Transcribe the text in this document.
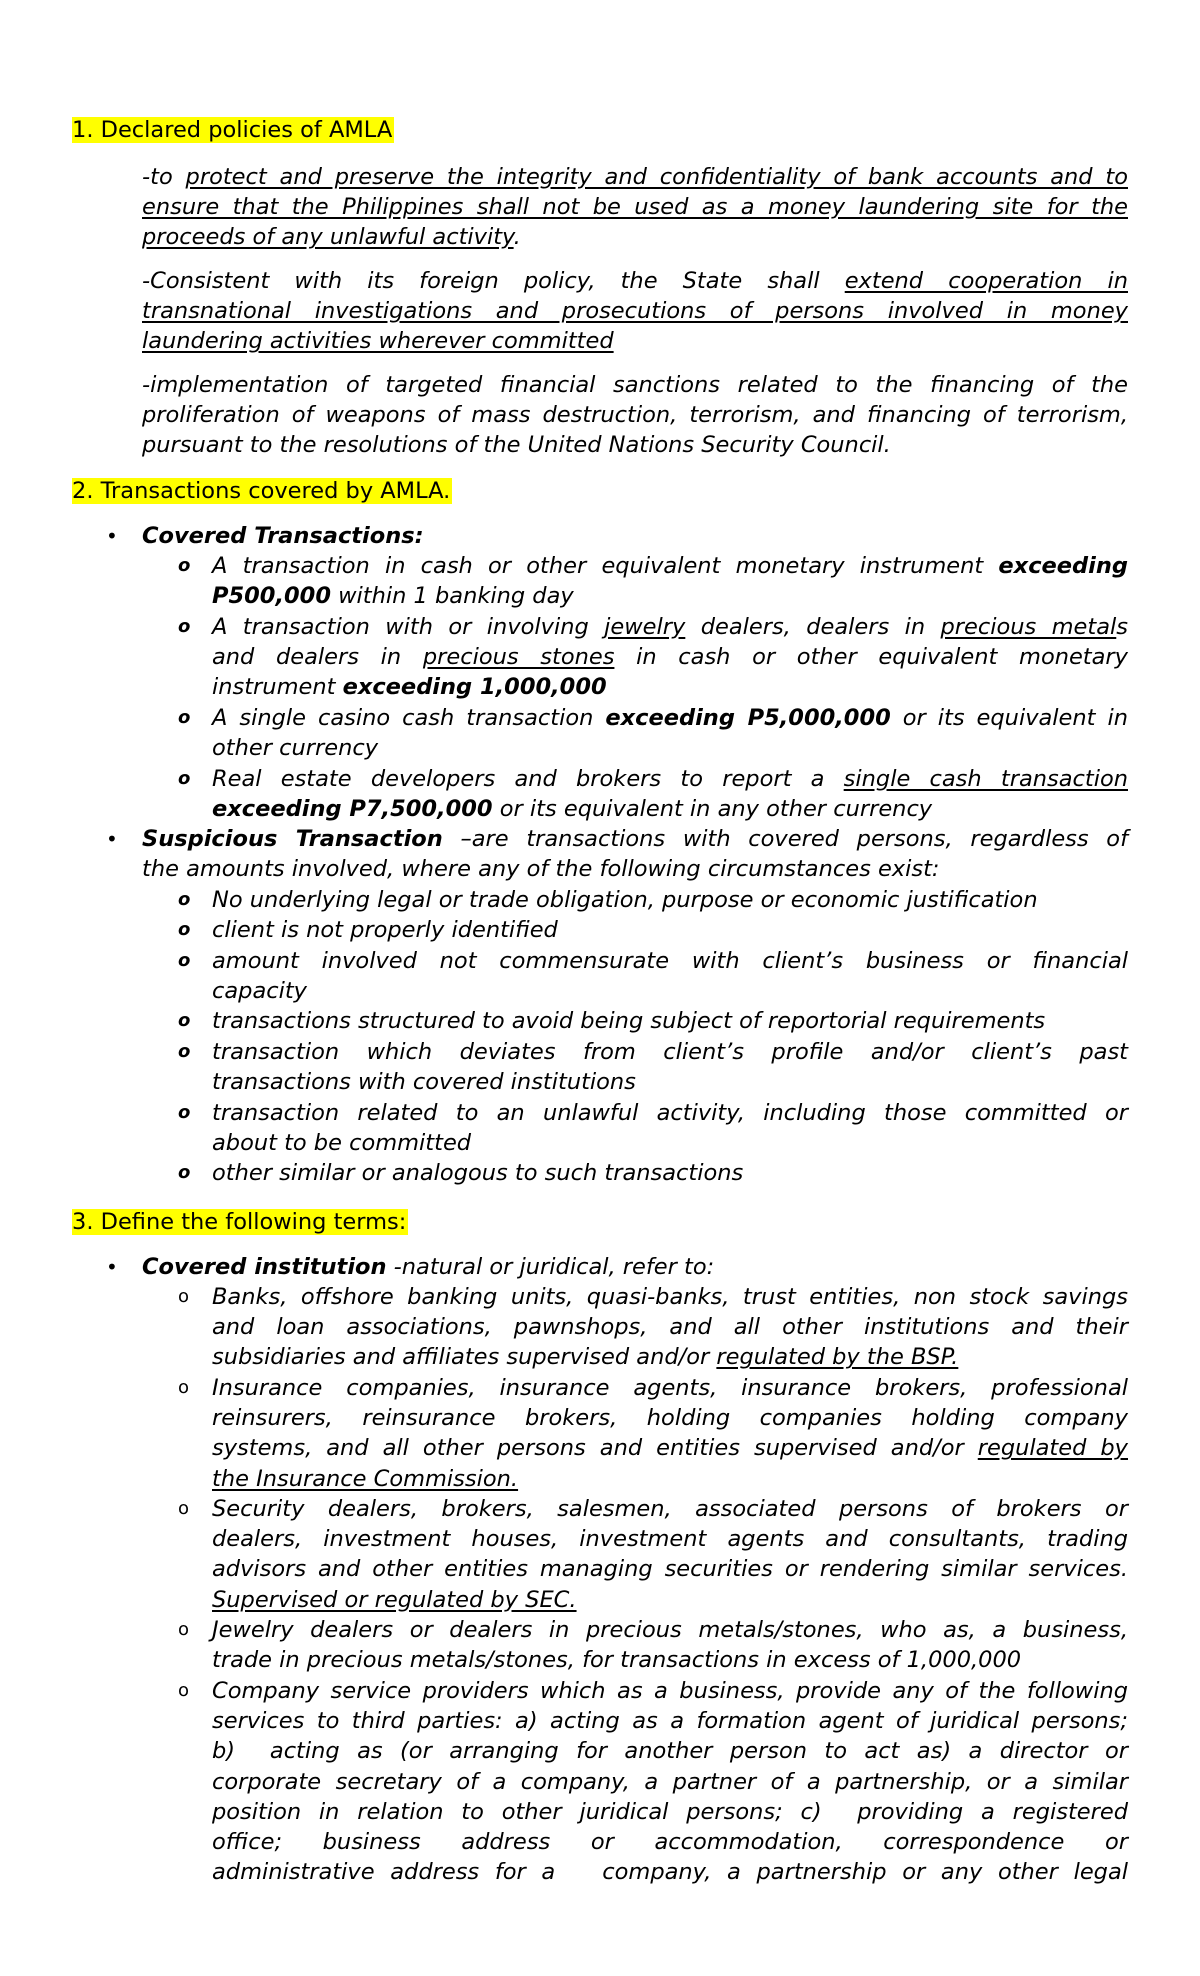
1. Declared policies of AMLA
-to protect and preserve the integrity and confidentiality of bank accounts and to
ensure that the Philippines shall not be used as a money laundering site for the
proceeds of any unlawful activity.
-Consistent with its foreign policy, the State shall extend cooperation in
transnational investigations and prosecutions of persons involved in money
laundering activities wherever committed
-implementation of targeted financial sanctions related to the financing of the
proliferation of weapons of mass destruction, terrorism, and financing of terrorism,
pursuant to the resolutions of the United Nations Security Council.
2. Transactions covered by AMLA.
• Covered Transactions:
o A transaction in cash or other equivalent monetary instrument exceeding
P500,000 within 1 banking day
o A transaction with or involving jewelry dealers, dealers in precious metals
and dealers in precious stones in cash or other equivalent monetary
instrument exceeding 1,000,000
o A single casino cash transaction exceeding P5,000,000 or its equivalent in
other currency
o Real estate developers and brokers to report a single cash transaction
exceeding P7,500,000 or its equivalent in any other currency
• Suspicious Transaction –are transactions with covered persons, regardless of
the amounts involved, where any of the following circumstances exist:
o No underlying legal or trade obligation, purpose or economic justification
o client is not properly identified
o amount involved not commensurate with client’s business or financial
capacity
o transactions structured to avoid being subject of reportorial requirements
o transaction which deviates from client’s profile and/or client’s past
transactions with covered institutions
o transaction related to an unlawful activity, including those committed or
about to be committed
o other similar or analogous to such transactions
3. Define the following terms:
• Covered institution -natural or juridical, refer to:
o Banks, offshore banking units, quasi-banks, trust entities, non stock savings
and loan associations, pawnshops, and all other institutions and their
subsidiaries and affiliates supervised and/or regulated by the BSP.
o Insurance companies, insurance agents, insurance brokers, professional
reinsurers, reinsurance brokers, holding companies holding company
systems, and all other persons and entities supervised and/or regulated by
the Insurance Commission.
o Security dealers, brokers, salesmen, associated persons of brokers or
dealers, investment houses, investment agents and consultants, trading
advisors and other entities managing securities or rendering similar services.
Supervised or regulated by SEC.
o Jewelry dealers or dealers in precious metals/stones, who as, a business,
trade in precious metals/stones, for transactions in excess of 1,000,000
o Company service providers which as a business, provide any of the following
services to third parties: a) acting as a formation agent of juridical persons;
b)  acting as (or arranging for another person to act as) a director or
corporate secretary of a company, a partner of a partnership, or a similar
position in relation to other juridical persons; c)  providing a registered
office; business address or accommodation, correspondence or
administrative address for a   company, a partnership or any other legal
